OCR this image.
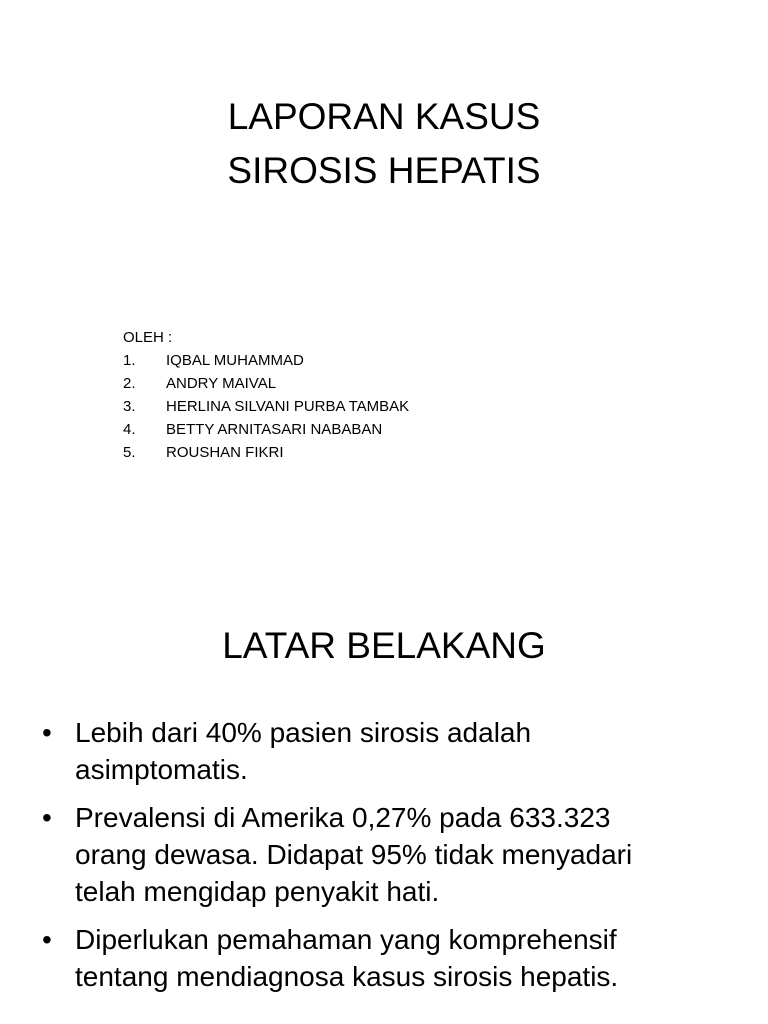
LAPORAN KASUS
SIROSIS HEPATIS
OLEH :
1. IQBAL MUHAMMAD
2. ANDRY MAIVAL
3. HERLINA SILVANI PURBA TAMBAK
4. BETTY ARNITASARI NABABAN
5. ROUSHAN FIKRI
LATAR BELAKANG
• Lebih dari 40% pasien sirosis adalah
asimptomatis.
• Prevalensi di Amerika 0,27% pada 633.323
orang dewasa. Didapat 95% tidak menyadari
telah mengidap penyakit hati.
• Diperlukan pemahaman yang komprehensif
tentang mendiagnosa kasus sirosis hepatis.
